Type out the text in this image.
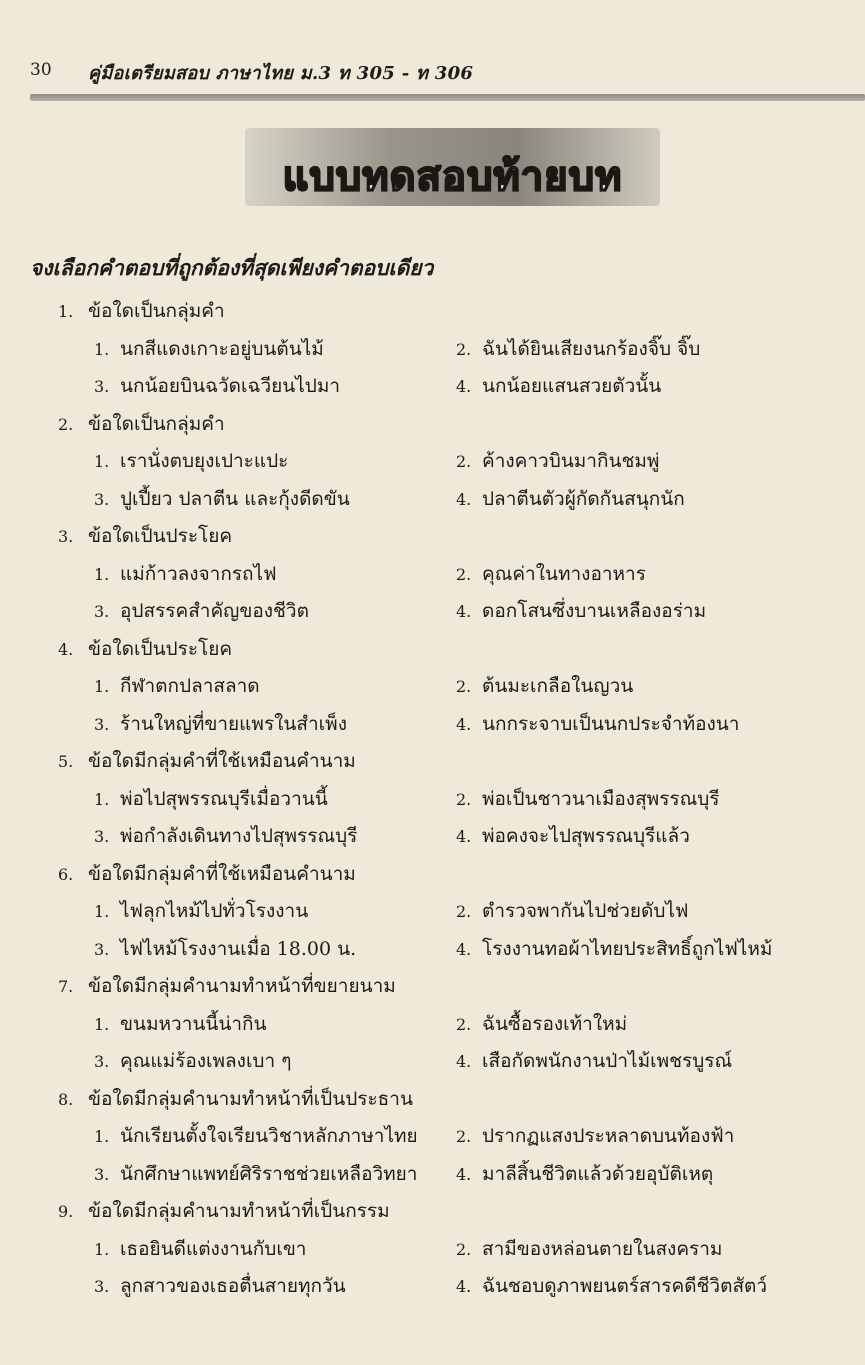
30 คู่มือเตรียมสอบ ภาษาไทย ม.3 ท 305 - ท 306
แบบทดสอบท้ายบท
จงเลือกคำตอบที่ถูกต้องที่สุดเพียงคำตอบเดียว
1. ข้อใดเป็นกลุ่มคำ
1. นกสีแดงเกาะอยู่บนต้นไม้	2. ฉันได้ยินเสียงนกร้องจิ๊บ จิ๊บ
3. นกน้อยบินฉวัดเฉวียนไปมา	4. นกน้อยแสนสวยตัวนั้น
2. ข้อใดเป็นกลุ่มคำ
1. เรานั่งตบยุงเปาะแปะ	2. ค้างคาวบินมากินชมพู่
3. ปูเปี้ยว ปลาตีน และกุ้งดีดขัน	4. ปลาตีนตัวผู้กัดกันสนุกนัก
3. ข้อใดเป็นประโยค
1. แม่ก้าวลงจากรถไฟ	2. คุณค่าในทางอาหาร
3. อุปสรรคสำคัญของชีวิต	4. ดอกโสนซึ่งบานเหลืองอร่าม
4. ข้อใดเป็นประโยค
1. กีฬาตกปลาสลาด	2. ต้นมะเกลือในญวน
3. ร้านใหญ่ที่ขายแพรในสำเพ็ง	4. นกกระจาบเป็นนกประจำท้องนา
5. ข้อใดมีกลุ่มคำที่ใช้เหมือนคำนาม
1. พ่อไปสุพรรณบุรีเมื่อวานนี้	2. พ่อเป็นชาวนาเมืองสุพรรณบุรี
3. พ่อกำลังเดินทางไปสุพรรณบุรี	4. พ่อคงจะไปสุพรรณบุรีแล้ว
6. ข้อใดมีกลุ่มคำที่ใช้เหมือนคำนาม
1. ไฟลุกไหม้ไปทั่วโรงงาน	2. ตำรวจพากันไปช่วยดับไฟ
3. ไฟไหม้โรงงานเมื่อ 18.00 น.	4. โรงงานทอผ้าไทยประสิทธิ์ถูกไฟไหม้
7. ข้อใดมีกลุ่มคำนามทำหน้าที่ขยายนาม
1. ขนมหวานนี้น่ากิน	2. ฉันซื้อรองเท้าใหม่
3. คุณแม่ร้องเพลงเบา ๆ	4. เสือกัดพนักงานป่าไม้เพชรบูรณ์
8. ข้อใดมีกลุ่มคำนามทำหน้าที่เป็นประธาน
1. นักเรียนตั้งใจเรียนวิชาหลักภาษาไทย 2. ปรากฏแสงประหลาดบนท้องฟ้า
3. นักศึกษาแพทย์ศิริราชช่วยเหลือวิทยา 4. มาลีสิ้นชีวิตแล้วด้วยอุบัติเหตุ
9. ข้อใดมีกลุ่มคำนามทำหน้าที่เป็นกรรม
1. เธอยินดีแต่งงานกับเขา	2. สามีของหล่อนตายในสงคราม
3. ลูกสาวของเธอตื่นสายทุกวัน	4. ฉันชอบดูภาพยนตร์สารคดีชีวิตสัตว์
